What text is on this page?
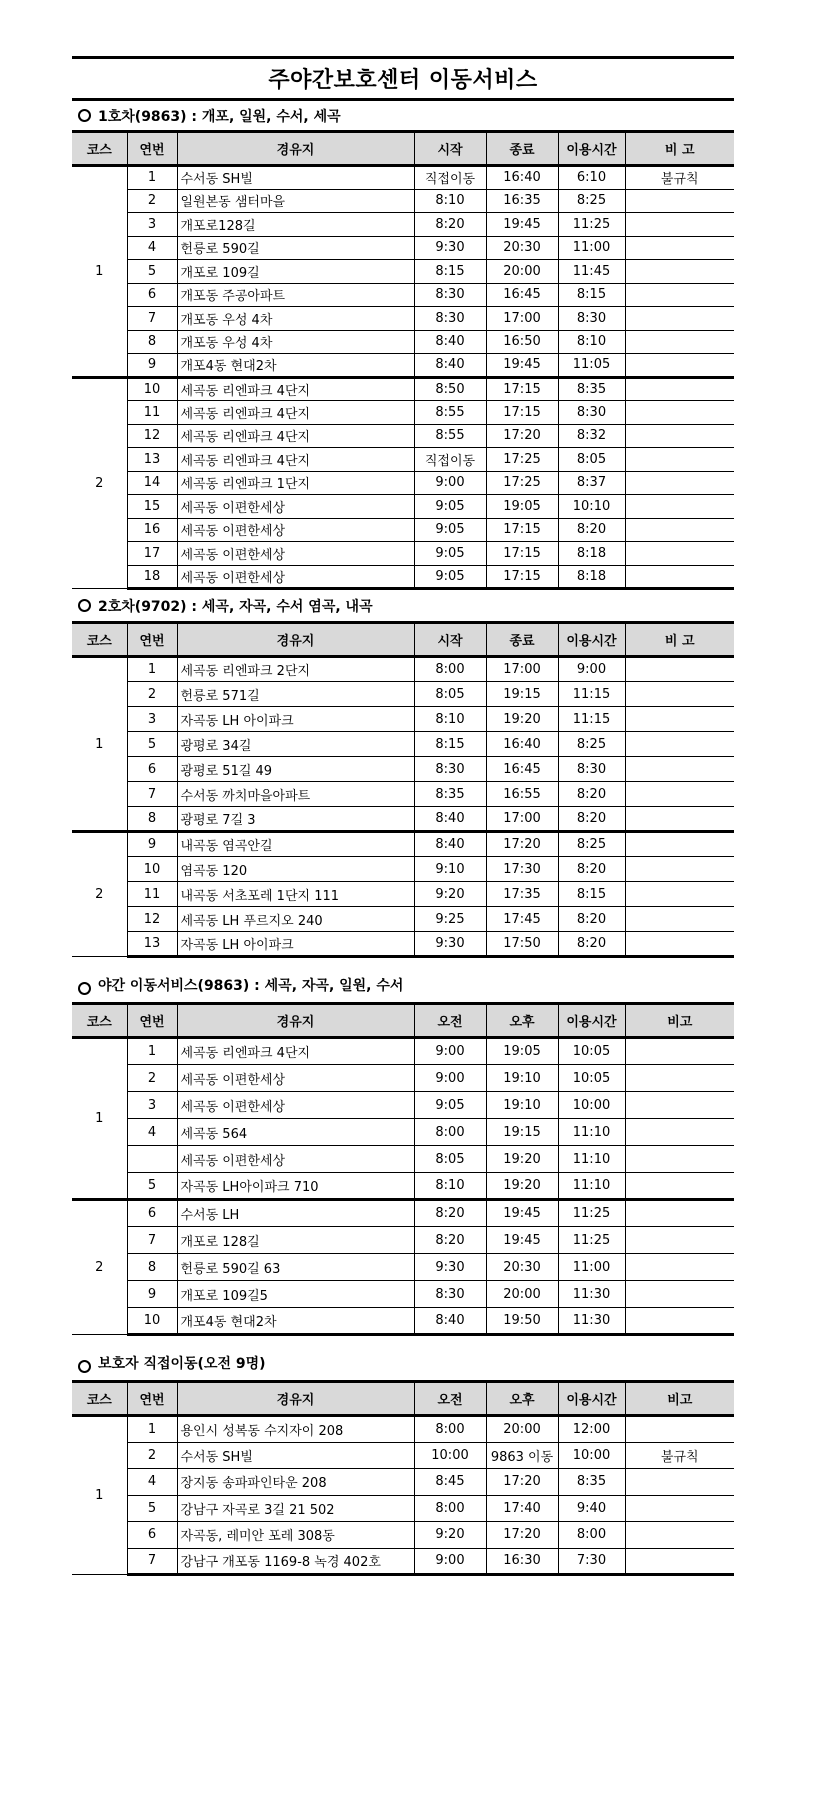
주야간보호센터 이동서비스
1호차(9863) : 개포, 일원, 수서, 세곡
코스	연번	경유지	시작	종료	이용시간	비 고
1	1	수서동 SH빌	직접이동	16:40	6:10	불규칙
	2	일원본동 샘터마을	8:10	16:35	8:25	
	3	개포로128길	8:20	19:45	11:25	
	4	헌릉로 590길	9:30	20:30	11:00	
	5	개포로 109길	8:15	20:00	11:45	
	6	개포동 주공아파트	8:30	16:45	8:15	
	7	개포동 우성 4차	8:30	17:00	8:30	
	8	개포동 우성 4차	8:40	16:50	8:10	
	9	개포4동 현대2차	8:40	19:45	11:05	
2	10	세곡동 리엔파크 4단지	8:50	17:15	8:35	
	11	세곡동 리엔파크 4단지	8:55	17:15	8:30	
	12	세곡동 리엔파크 4단지	8:55	17:20	8:32	
	13	세곡동 리엔파크 4단지	직접이동	17:25	8:05	
	14	세곡동 리엔파크 1단지	9:00	17:25	8:37	
	15	세곡동 이편한세상	9:05	19:05	10:10	
	16	세곡동 이편한세상	9:05	17:15	8:20	
	17	세곡동 이편한세상	9:05	17:15	8:18	
	18	세곡동 이편한세상	9:05	17:15	8:18	
2호차(9702) : 세곡, 자곡, 수서 염곡, 내곡
코스	연번	경유지	시작	종료	이용시간	비 고
1	1	세곡동 리엔파크 2단지	8:00	17:00	9:00	
	2	헌릉로 571길	8:05	19:15	11:15	
	3	자곡동 LH 아이파크	8:10	19:20	11:15	
	5	광평로 34길	8:15	16:40	8:25	
	6	광평로 51길 49	8:30	16:45	8:30	
	7	수서동 까치마을아파트	8:35	16:55	8:20	
	8	광평로 7길 3	8:40	17:00	8:20	
2	9	내곡동 염곡안길	8:40	17:20	8:25	
	10	염곡동 120	9:10	17:30	8:20	
	11	내곡동 서초포레 1단지 111	9:20	17:35	8:15	
	12	세곡동 LH 푸르지오 240	9:25	17:45	8:20	
	13	자곡동 LH 아이파크	9:30	17:50	8:20	
야간 이동서비스(9863) : 세곡, 자곡, 일원, 수서
코스	연번	경유지	오전	오후	이용시간	비고
1	1	세곡동 리엔파크 4단지	9:00	19:05	10:05	
	2	세곡동 이편한세상	9:00	19:10	10:05	
	3	세곡동 이편한세상	9:05	19:10	10:00	
	4	세곡동 564	8:00	19:15	11:10	
		세곡동 이편한세상	8:05	19:20	11:10	
	5	자곡동 LH아이파크 710	8:10	19:20	11:10	
2	6	수서동 LH	8:20	19:45	11:25	
	7	개포로 128길	8:20	19:45	11:25	
	8	헌릉로 590길 63	9:30	20:30	11:00	
	9	개포로 109길5	8:30	20:00	11:30	
	10	개포4동 현대2차	8:40	19:50	11:30	
보호자 직접이동(오전 9명)
코스	연번	경유지	오전	오후	이용시간	비고
1	1	용인시 성복동 수지자이 208	8:00	20:00	12:00	
	2	수서동 SH빌	10:00	9863 이동	10:00	불규칙
	4	장지동 송파파인타운 208	8:45	17:20	8:35	
	5	강남구 자곡로 3길 21 502	8:00	17:40	9:40	
	6	자곡동, 레미안 포레 308동	9:20	17:20	8:00	
	7	강남구 개포동 1169-8 녹경 402호	9:00	16:30	7:30	
